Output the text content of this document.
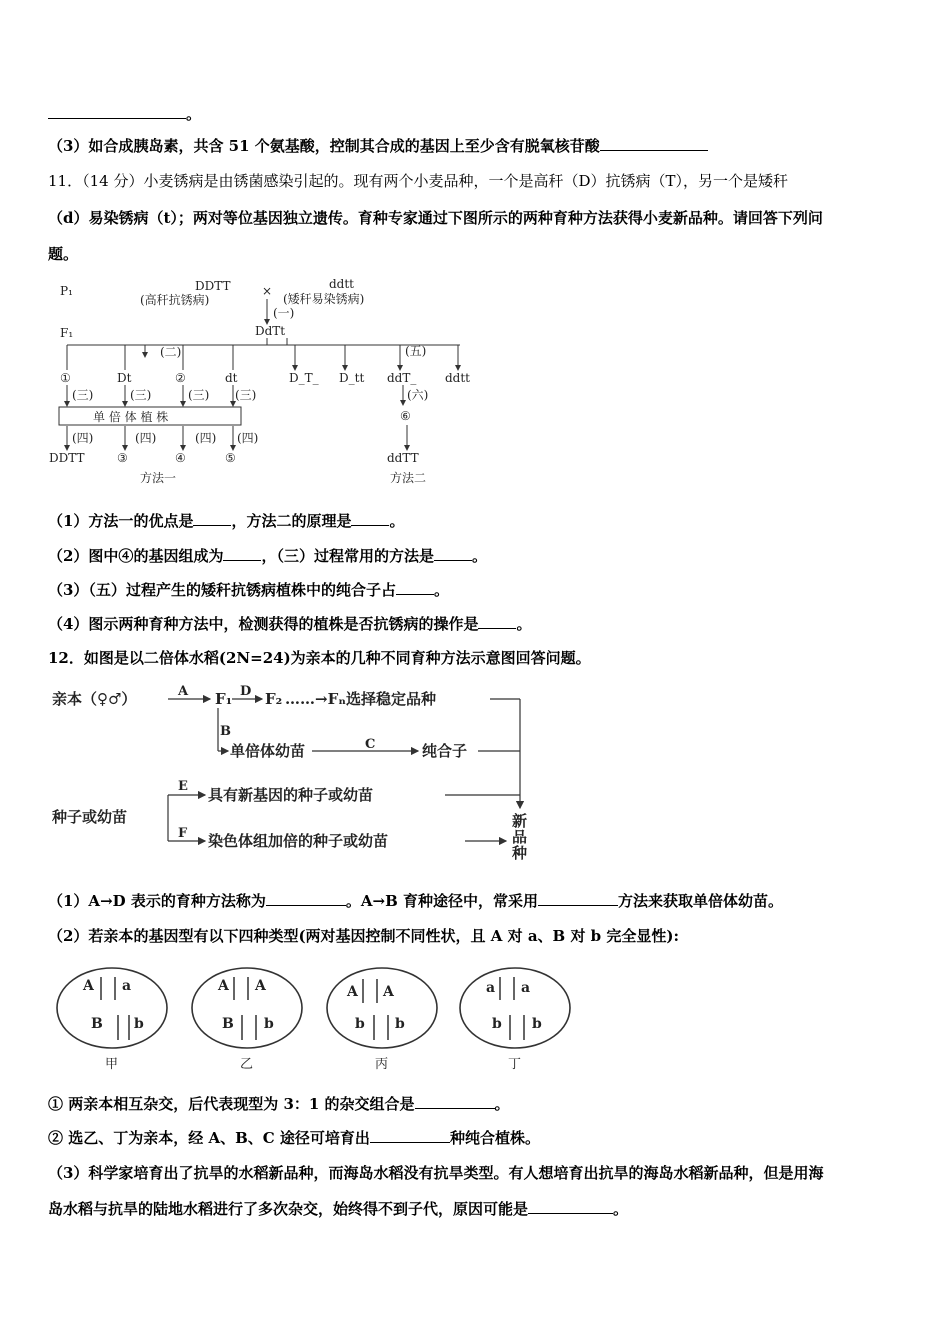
。
（3）如合成胰岛素，共含 51 个氨基酸，控制其合成的基因上至少含有脱氧核苷酸
11．（14 分）小麦锈病是由锈菌感染引起的。现有两个小麦品种，一个是高秆（D）抗锈病（T），另一个是矮秆
（d）易染锈病（t）；两对等位基因独立遗传。育种专家通过下图所示的两种育种方法获得小麦新品种。请回答下列问
题。
P₁
F₁
DDTT
(高秆抗锈病)
×	ddtt
(矮秆易染锈病)
(一)
DdTt
(二)	(五)
①	Dt	②	dt
(三)	(三)	(三) (三)
单 倍 体 植 株
(四)	(四)	(四) (四)
DDTT	③	④	⑤
方法一
D_T_ D_tt ddT_ ddtt
(六)
⑥
ddTT
方法二
（1）方法一的优点是	，方法二的原理是	。
（2）图中④的基因组成为	，（三）过程常用的方法是	。
（3）（五）过程产生的矮秆抗锈病植株中的纯合子占	。
（4）图示两种育种方法中，检测获得的植株是否抗锈病的操作是	。
12．如图是以二倍体水稻(2N=24)为亲本的几种不同育种方法示意图回答问题。
亲本（♀♂）	A F₁ D F₂ ……→Fₙ选择稳定品种
B
单倍体幼苗	C	纯合子
种子或幼苗
E 具有新基因的种子或幼苗
F 染色体组加倍的种子或幼苗
新
品
种
（1）A→D 表示的育种方法称为	。A→B 育种途径中，常采用	方法来获取单倍体幼苗。
（2）若亲本的基因型有以下四种类型(两对基因控制不同性状，且 A 对 a、B 对 b 完全显性):
A a
B b
甲
A A
B b
乙
A A
b b
丙
a a
b b
丁
① 两亲本相互杂交，后代表现型为 3：1 的杂交组合是	。
② 选乙、丁为亲本，经 A、B、C 途径可培育出	种纯合植株。
（3）科学家培育出了抗旱的水稻新品种，而海岛水稻没有抗旱类型。有人想培育出抗旱的海岛水稻新品种，但是用海
岛水稻与抗旱的陆地水稻进行了多次杂交，始终得不到子代，原因可能是	。
